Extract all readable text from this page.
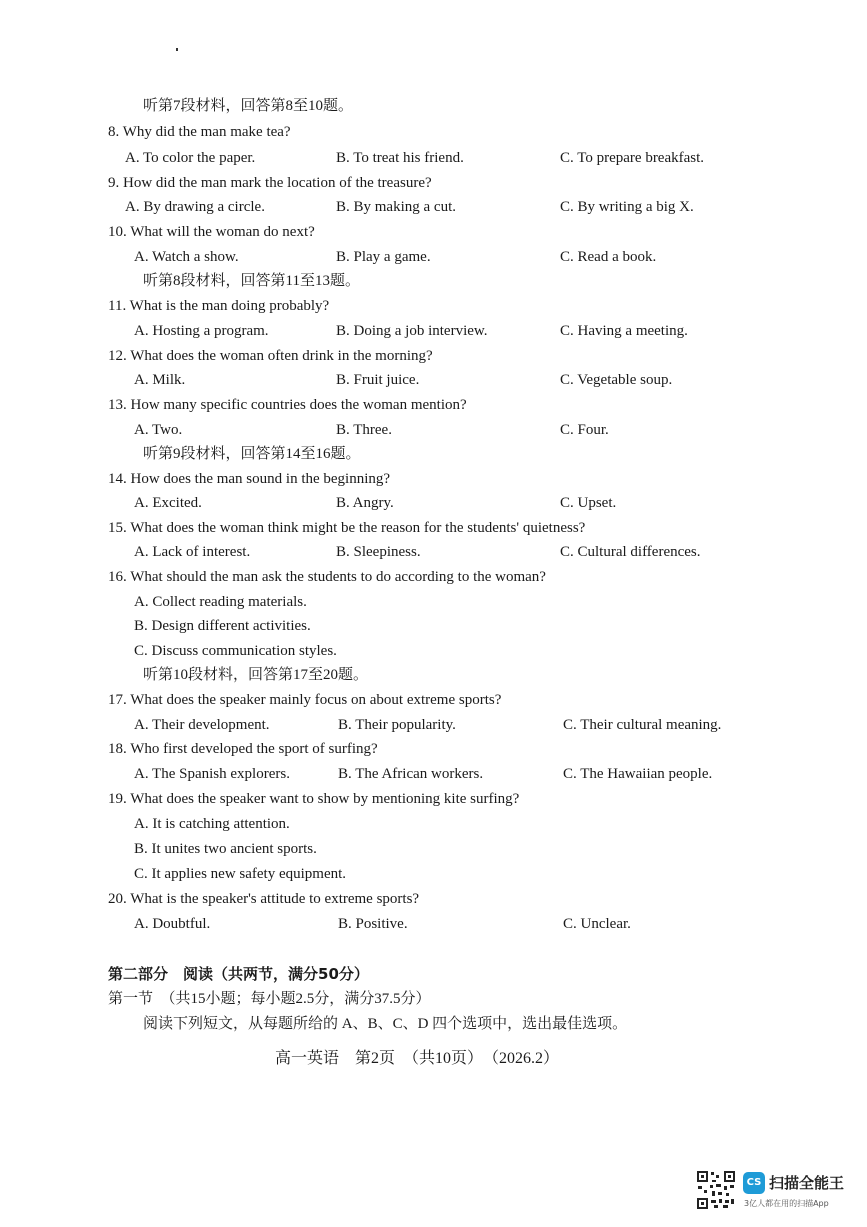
听第7段材料，回答第8至10题。
8. Why did the man make tea?
A. To color the paper.	B. To treat his friend.	C. To prepare breakfast.
9. How did the man mark the location of the treasure?
A. By drawing a circle.	B. By making a cut.	C. By writing a big X.
10. What will the woman do next?
A. Watch a show.	B. Play a game.	C. Read a book.
听第8段材料，回答第11至13题。
11. What is the man doing probably?
A. Hosting a program.	B. Doing a job interview.	C. Having a meeting.
12. What does the woman often drink in the morning?
A. Milk.	B. Fruit juice.	C. Vegetable soup.
13. How many specific countries does the woman mention?
A. Two.	B. Three.	C. Four.
听第9段材料，回答第14至16题。
14. How does the man sound in the beginning?
A. Excited.	B. Angry.	C. Upset.
15. What does the woman think might be the reason for the students' quietness?
A. Lack of interest.	B. Sleepiness.	C. Cultural differences.
16. What should the man ask the students to do according to the woman?
A. Collect reading materials.
B. Design different activities.
C. Discuss communication styles.
听第10段材料，回答第17至20题。
17. What does the speaker mainly focus on about extreme sports?
A. Their development.	B. Their popularity.	C. Their cultural meaning.
18. Who first developed the sport of surfing?
A. The Spanish explorers.	B. The African workers.	C. The Hawaiian people.
19. What does the speaker want to show by mentioning kite surfing?
A. It is catching attention.
B. It unites two ancient sports.
C. It applies new safety equipment.
20. What is the speaker's attitude to extreme sports?
A. Doubtful.	B. Positive.	C. Unclear.
第二部分　阅读（共两节，满分50分）
第一节　（共15小题；每小题2.5分，满分37.5分）
阅读下列短文，从每题所给的 A、B、C、D 四个选项中，选出最佳选项。
高一英语　第2页　（共10页）　（2026.2）
CS 扫描全能王
3亿人都在用的扫描App
